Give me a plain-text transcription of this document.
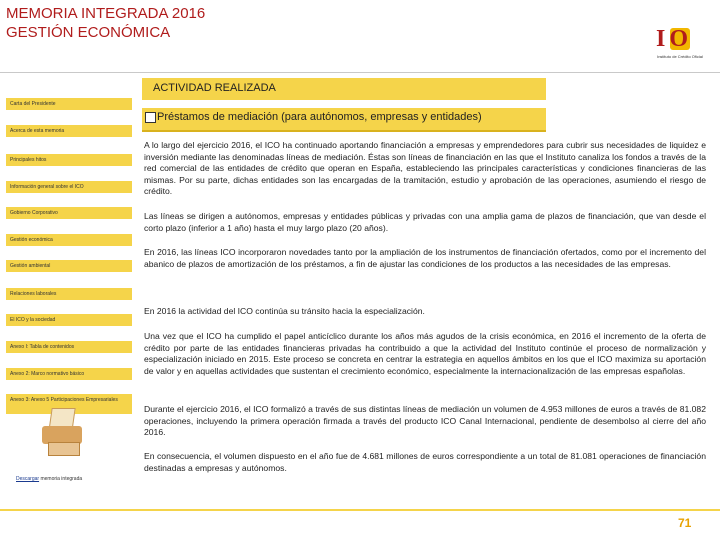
MEMORIA INTEGRADA 2016
GESTIÓN ECONÓMICA	I O
Instituto de Crédito Oficial
Carta del Presidente
Acerca de esta memoria
Principales hitos
Información general sobre el ICO
Gobierno Corporativo
Gestión económica
Gestión ambiental
Relaciones laborales
El ICO y la sociedad
Anexo I: Tabla de contenidos
Anexo 2: Marco normativo básico
Anexo 3: Anexo 5 Participaciones Empresariales
Descargar memoria integrada
ACTIVIDAD REALIZADA
Préstamos de mediación (para autónomos, empresas y entidades)

A lo largo del ejercicio 2016, el ICO ha continuado aportando financiación a empresas y emprendedores para cubrir sus necesidades de liquidez e inversión mediante las denominadas líneas de mediación. Éstas son líneas de financiación en las que el Instituto canaliza los fondos a través de la red comercial de las entidades de crédito que operan en España, estableciendo las principales características y condiciones financieras de las mismas. Por su parte, dichas entidades son las encargadas de la tramitación, estudio y aprobación de las operaciones, asumiendo el riesgo de crédito.

Las líneas se dirigen a autónomos, empresas y entidades públicas y privadas con una amplia gama de plazos de financiación, que van desde el corto plazo (inferior a 1 año) hasta el muy largo plazo (20 años).

En 2016, las líneas ICO incorporaron novedades tanto por la ampliación de los instrumentos de financiación ofertados, como por el incremento del abanico de plazos de amortización de los préstamos, a fin de ajustar las condiciones de los productos a las necesidades de las empresas.

En 2016 la actividad del ICO continúa su tránsito hacia la especialización.

Una vez que el ICO ha cumplido el papel anticíclico durante los años más agudos de la crisis económica, en 2016 el incremento de la oferta de crédito por parte de las entidades financieras privadas ha contribuido a que la actividad del Instituto continúe el proceso de normalización y especialización iniciado en 2015. Este proceso se concreta en centrar la estrategia en aquellos ámbitos en los que el ICO maximiza su aportación de valor y en aquellas actividades que sustentan el crecimiento económico, especialmente la internacionalización de las empresas españolas.

Durante el ejercicio 2016, el ICO formalizó a través de sus distintas líneas de mediación un volumen de 4.953 millones de euros a través de 81.082 operaciones, incluyendo la primera operación firmada a través del producto ICO Canal Internacional, pendiente de desembolso al cierre del año 2016.

En consecuencia, el volumen dispuesto en el año fue de 4.681 millones de euros correspondiente a un total de 81.081 operaciones de financiación destinadas a empresas y autónomos.

71
